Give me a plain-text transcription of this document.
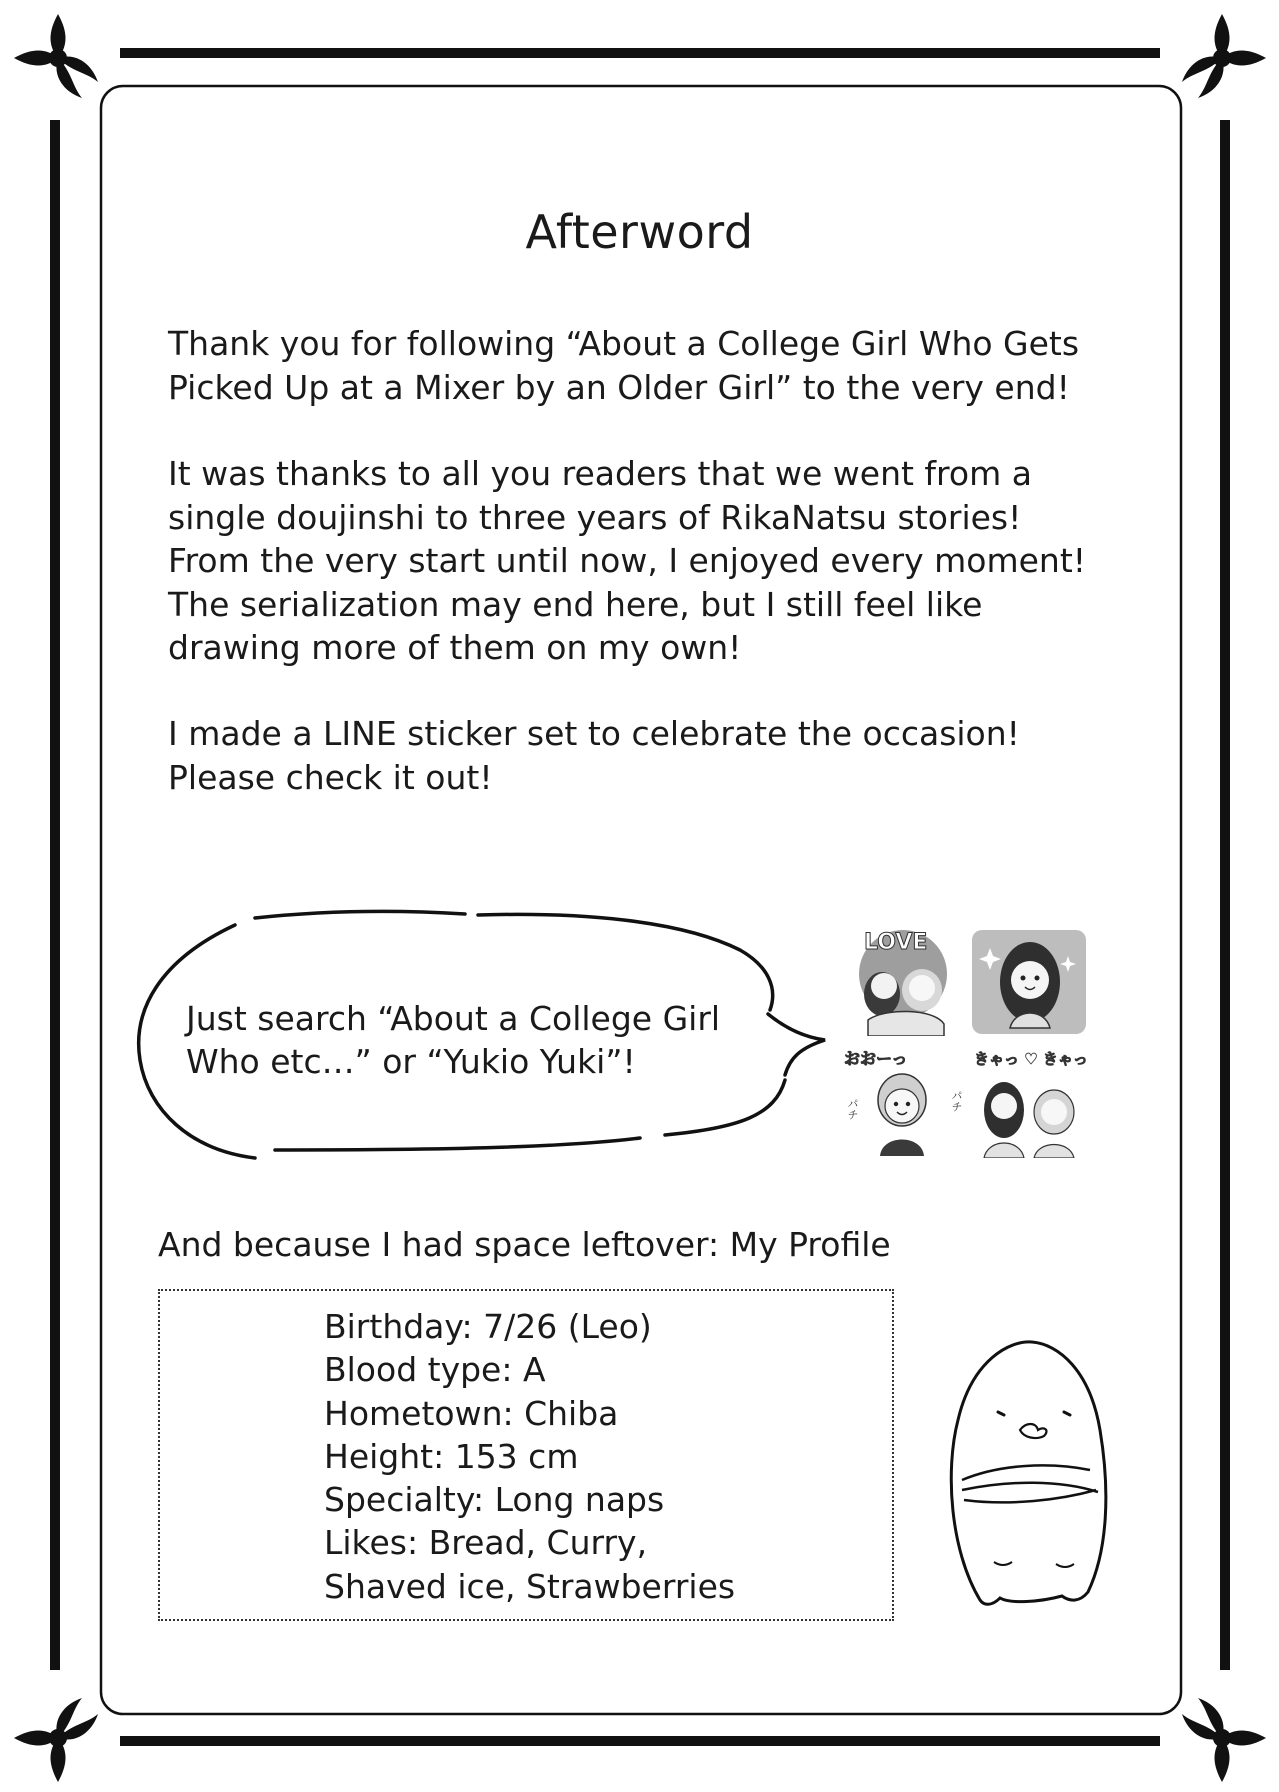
Afterword
Thank you for following “About a College Girl Who Gets
Picked Up at a Mixer by an Older Girl” to the very end!
It was thanks to all you readers that we went from a
single doujinshi to three years of RikaNatsu stories!
From the very start until now, I enjoyed every moment!
The serialization may end here, but I still feel like
drawing more of them on my own!
I made a LINE sticker set to celebrate the occasion!
Please check it out!
Just search “About a College Girl
Who etc…” or “Yukio Yuki”!
LOVE
おおーっ
パチ	パチ
きゃっ ♥ きゃっ
And because I had space leftover: My Profile
Birthday: 7/26 (Leo)
Blood type: A
Hometown: Chiba
Height: 153 cm
Specialty: Long naps
Likes: Bread, Curry,
Shaved ice, Strawberries
